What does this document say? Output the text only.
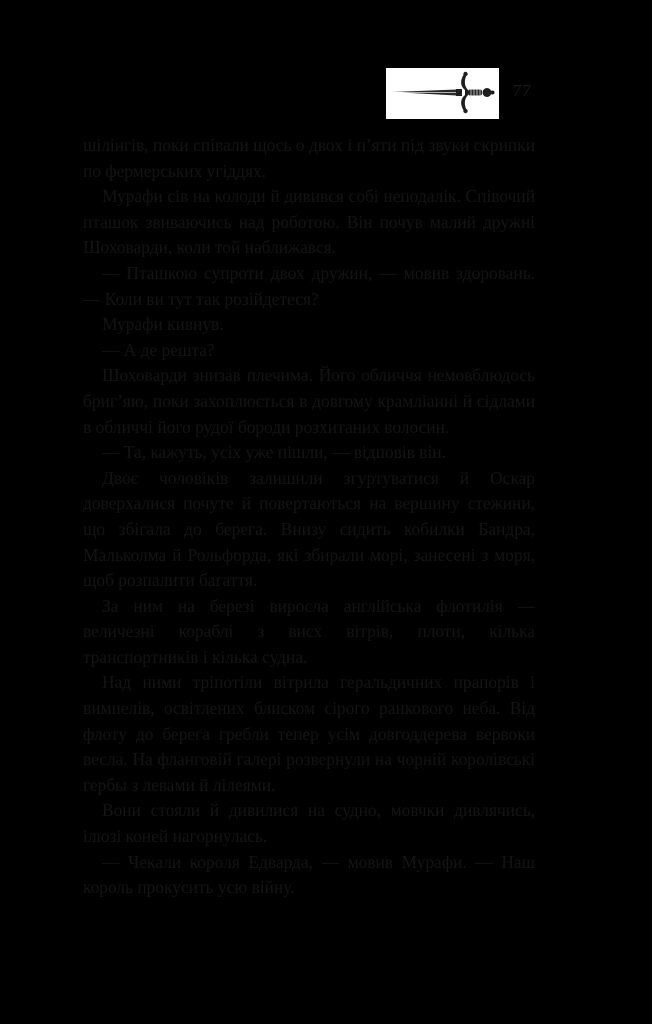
77

шілінгів, поки співали щось о двох і п’яти під звуки скрипки по фермерських угіддях.

Мурафи сів на колоди й дивився собі неподалік. Співочий пташок звиваючись над роботою. Він почув малий дружні Шоховарди, коли той наближався.

— Пташкою супроти двох дружин, — мовив здоровань. — Коли ви тут так розійдетеся?

Мурафи кивнув.

— А де решта?

Шоховарди знизав плечима. Його обличчя немовблюдось бриг’яю, поки захоплюється в довгому крамліанні й сідлами в обличчі його рудої бороди розхитаних волосин.

— Та, кажуть, усіх уже пішли, — відповів він.

Двоє чоловіків залишили згуртуватися й Оскар доверхалися почуте й повертаються на вершину стежини, що збігала до берега. Внизу сидить кобилки Бандра, Мальколма й Рольфорда, які збирали морі, занесені з моря, щоб розпалити багаття.

За ним на березі виросла англійська флотилія — величезні кораблі з висх вітрів, плоти, кілька транспортників і кілька судна.

Над ними тріпотіли вітрила геральдичних прапорів і вимпелів, освітлених блиском сірого ранкового неба. Від флоту до берега гребли тепер усім довгоддерева вервоки весла. На фланговій галері розвернули на чорній королівські гербы з левами й лілеями.

Вони стояли й дивилися на судно, мовчки дивлячись, ілюзі коней нагорнулась.

— Чекали короля Едварда, — мовив Мурафи. — Наш король прокусить усю війну.
